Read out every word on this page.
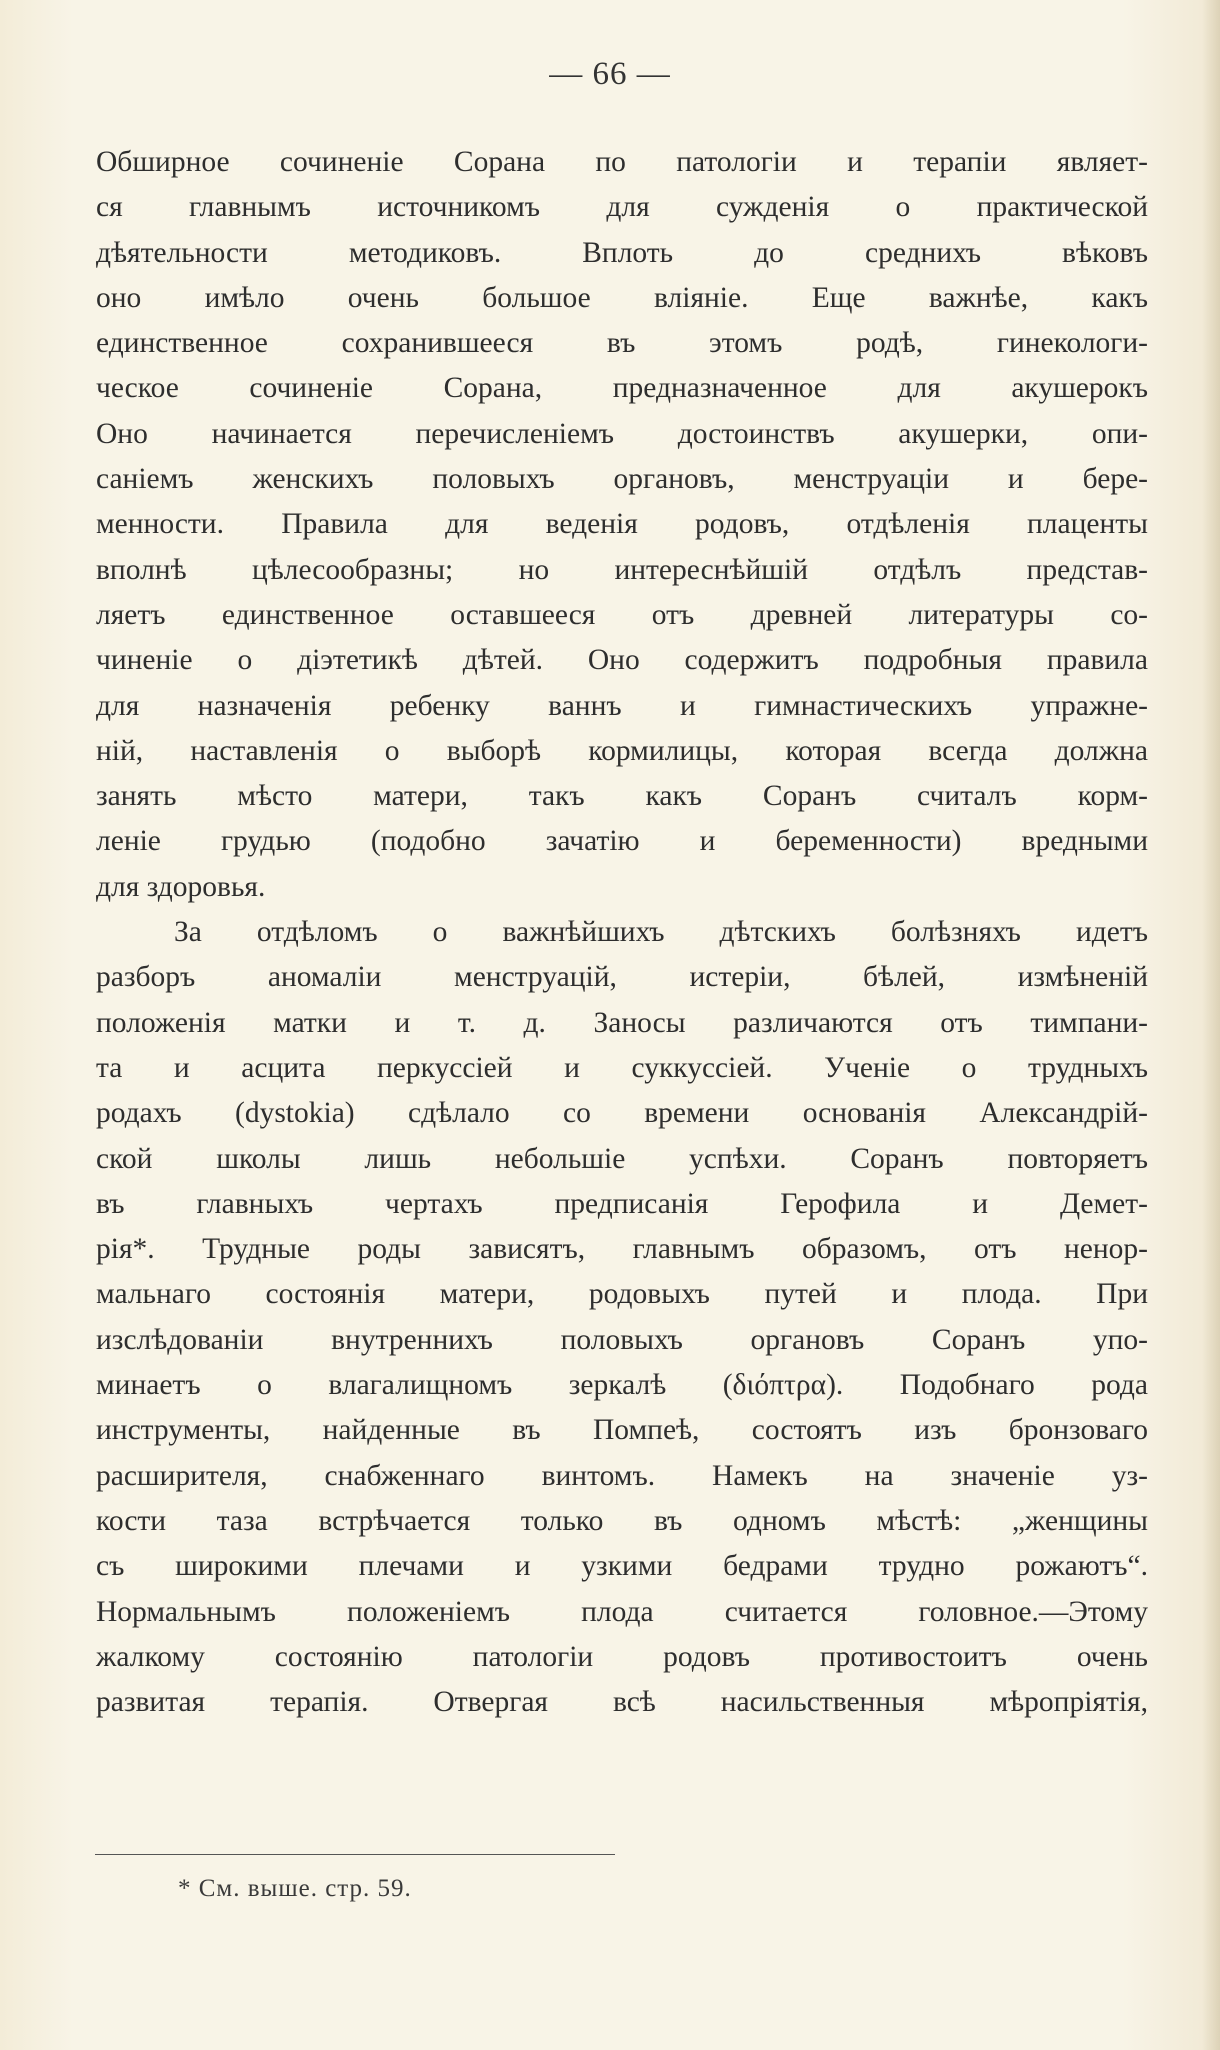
— 66 —
Обширное сочиненіе Сорана по патологіи и терапіи являет-
ся главнымъ источникомъ для сужденія о практической
дѣятельности методиковъ. Вплоть до среднихъ вѣковъ
оно имѣло очень большое вліяніе. Еще важнѣе, какъ
единственное сохранившееся въ этомъ родѣ, гинекологи-
ческое сочиненіе Сорана, предназначенное для акушерокъ
Оно начинается перечисленіемъ достоинствъ акушерки, опи-
саніемъ женскихъ половыхъ органовъ, менструаціи и бере-
менности. Правила для веденія родовъ, отдѣленія плаценты
вполнѣ цѣлесообразны; но интереснѣйшій отдѣлъ представ-
ляетъ единственное оставшееся отъ древней литературы со-
чиненіе о діэтетикѣ дѣтей. Оно содержитъ подробныя правила
для назначенія ребенку ваннъ и гимнастическихъ упражне-
ній, наставленія о выборѣ кормилицы, которая всегда должна
занять мѣсто матери, такъ какъ Соранъ считалъ корм-
леніе грудью (подобно зачатію и беременности) вредными
для здоровья.
За отдѣломъ о важнѣйшихъ дѣтскихъ болѣзняхъ идетъ
разборъ аномаліи менструацій, истеріи, бѣлей, измѣненій
положенія матки и т. д. Заносы различаются отъ тимпани-
та и асцита перкуссіей и суккуссіей. Ученіе о трудныхъ
родахъ (dystokia) сдѣлало со времени основанія Александрій-
ской школы лишь небольшіе успѣхи. Соранъ повторяетъ
въ главныхъ чертахъ предписанія Герофила и Демет-
рія*. Трудные роды зависятъ, главнымъ образомъ, отъ ненор-
мальнаго состоянія матери, родовыхъ путей и плода. При
изслѣдованіи внутреннихъ половыхъ органовъ Соранъ упо-
минаетъ о влагалищномъ зеркалѣ (διόπτρα). Подобнаго рода
инструменты, найденные въ Помпеѣ, состоятъ изъ бронзоваго
расширителя, снабженнаго винтомъ. Намекъ на значеніе уз-
кости таза встрѣчается только въ одномъ мѣстѣ: „женщины
съ широкими плечами и узкими бедрами трудно рожаютъ“.
Нормальнымъ положеніемъ плода считается головное.—Этому
жалкому состоянію патологіи родовъ противостоитъ очень
развитая терапія. Отвергая всѣ насильственныя мѣропріятія,
* См. выше. стр. 59.
